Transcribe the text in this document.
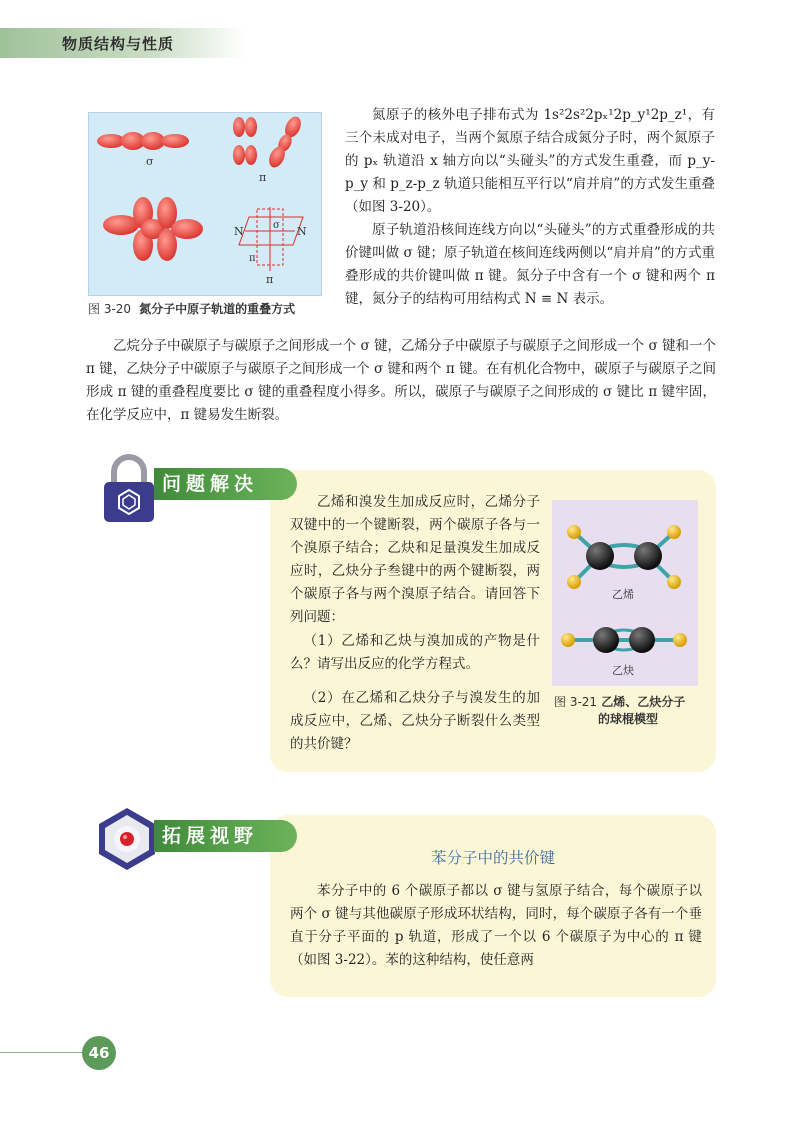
物质结构与性质
σ
π
N	N
σ
π
π
图 3-20 氮分子中原子轨道的重叠方式

氮原子的核外电子排布式为 1s²2s²2pₓ¹2p_y¹2p_z¹，有三个未成对电子，当两个氮原子结合成氮分子时，两个氮原子的 pₓ 轨道沿 x 轴方向以“头碰头”的方式发生重叠，而 p_y-p_y 和 p_z-p_z 轨道只能相互平行以“肩并肩”的方式发生重叠（如图 3-20）。

原子轨道沿核间连线方向以“头碰头”的方式重叠形成的共价键叫做 σ 键；原子轨道在核间连线两侧以“肩并肩”的方式重叠形成的共价键叫做 π 键。氮分子中含有一个 σ 键和两个 π 键，氮分子的结构可用结构式 N ≡ N 表示。

乙烷分子中碳原子与碳原子之间形成一个 σ 键，乙烯分子中碳原子与碳原子之间形成一个 σ 键和一个 π 键，乙炔分子中碳原子与碳原子之间形成一个 σ 键和两个 π 键。在有机化合物中，碳原子与碳原子之间形成 π 键的重叠程度要比 σ 键的重叠程度小得多。所以，碳原子与碳原子之间形成的 σ 键比 π 键牢固，在化学反应中，π 键易发生断裂。

问题解决

乙烯和溴发生加成反应时，乙烯分子双键中的一个键断裂，两个碳原子各与一个溴原子结合；乙炔和足量溴发生加成反应时，乙炔分子叁键中的两个键断裂，两个碳原子各与两个溴原子结合。请回答下列问题：

（1）乙烯和乙炔与溴加成的产物是什么？请写出反应的化学方程式。

（2）在乙烯和乙炔分子与溴发生的加成反应中，乙烯、乙炔分子断裂什么类型的共价键？

乙烯
乙炔
图 3-21 乙烯、乙炔分子
的球棍模型
拓展视野
苯分子中的共价键

苯分子中的 6 个碳原子都以 σ 键与氢原子结合，每个碳原子以两个 σ 键与其他碳原子形成环状结构，同时，每个碳原子各有一个垂直于分子平面的 p 轨道，形成了一个以 6 个碳原子为中心的 π 键（如图 3-22）。苯的这种结构，使任意两

46
